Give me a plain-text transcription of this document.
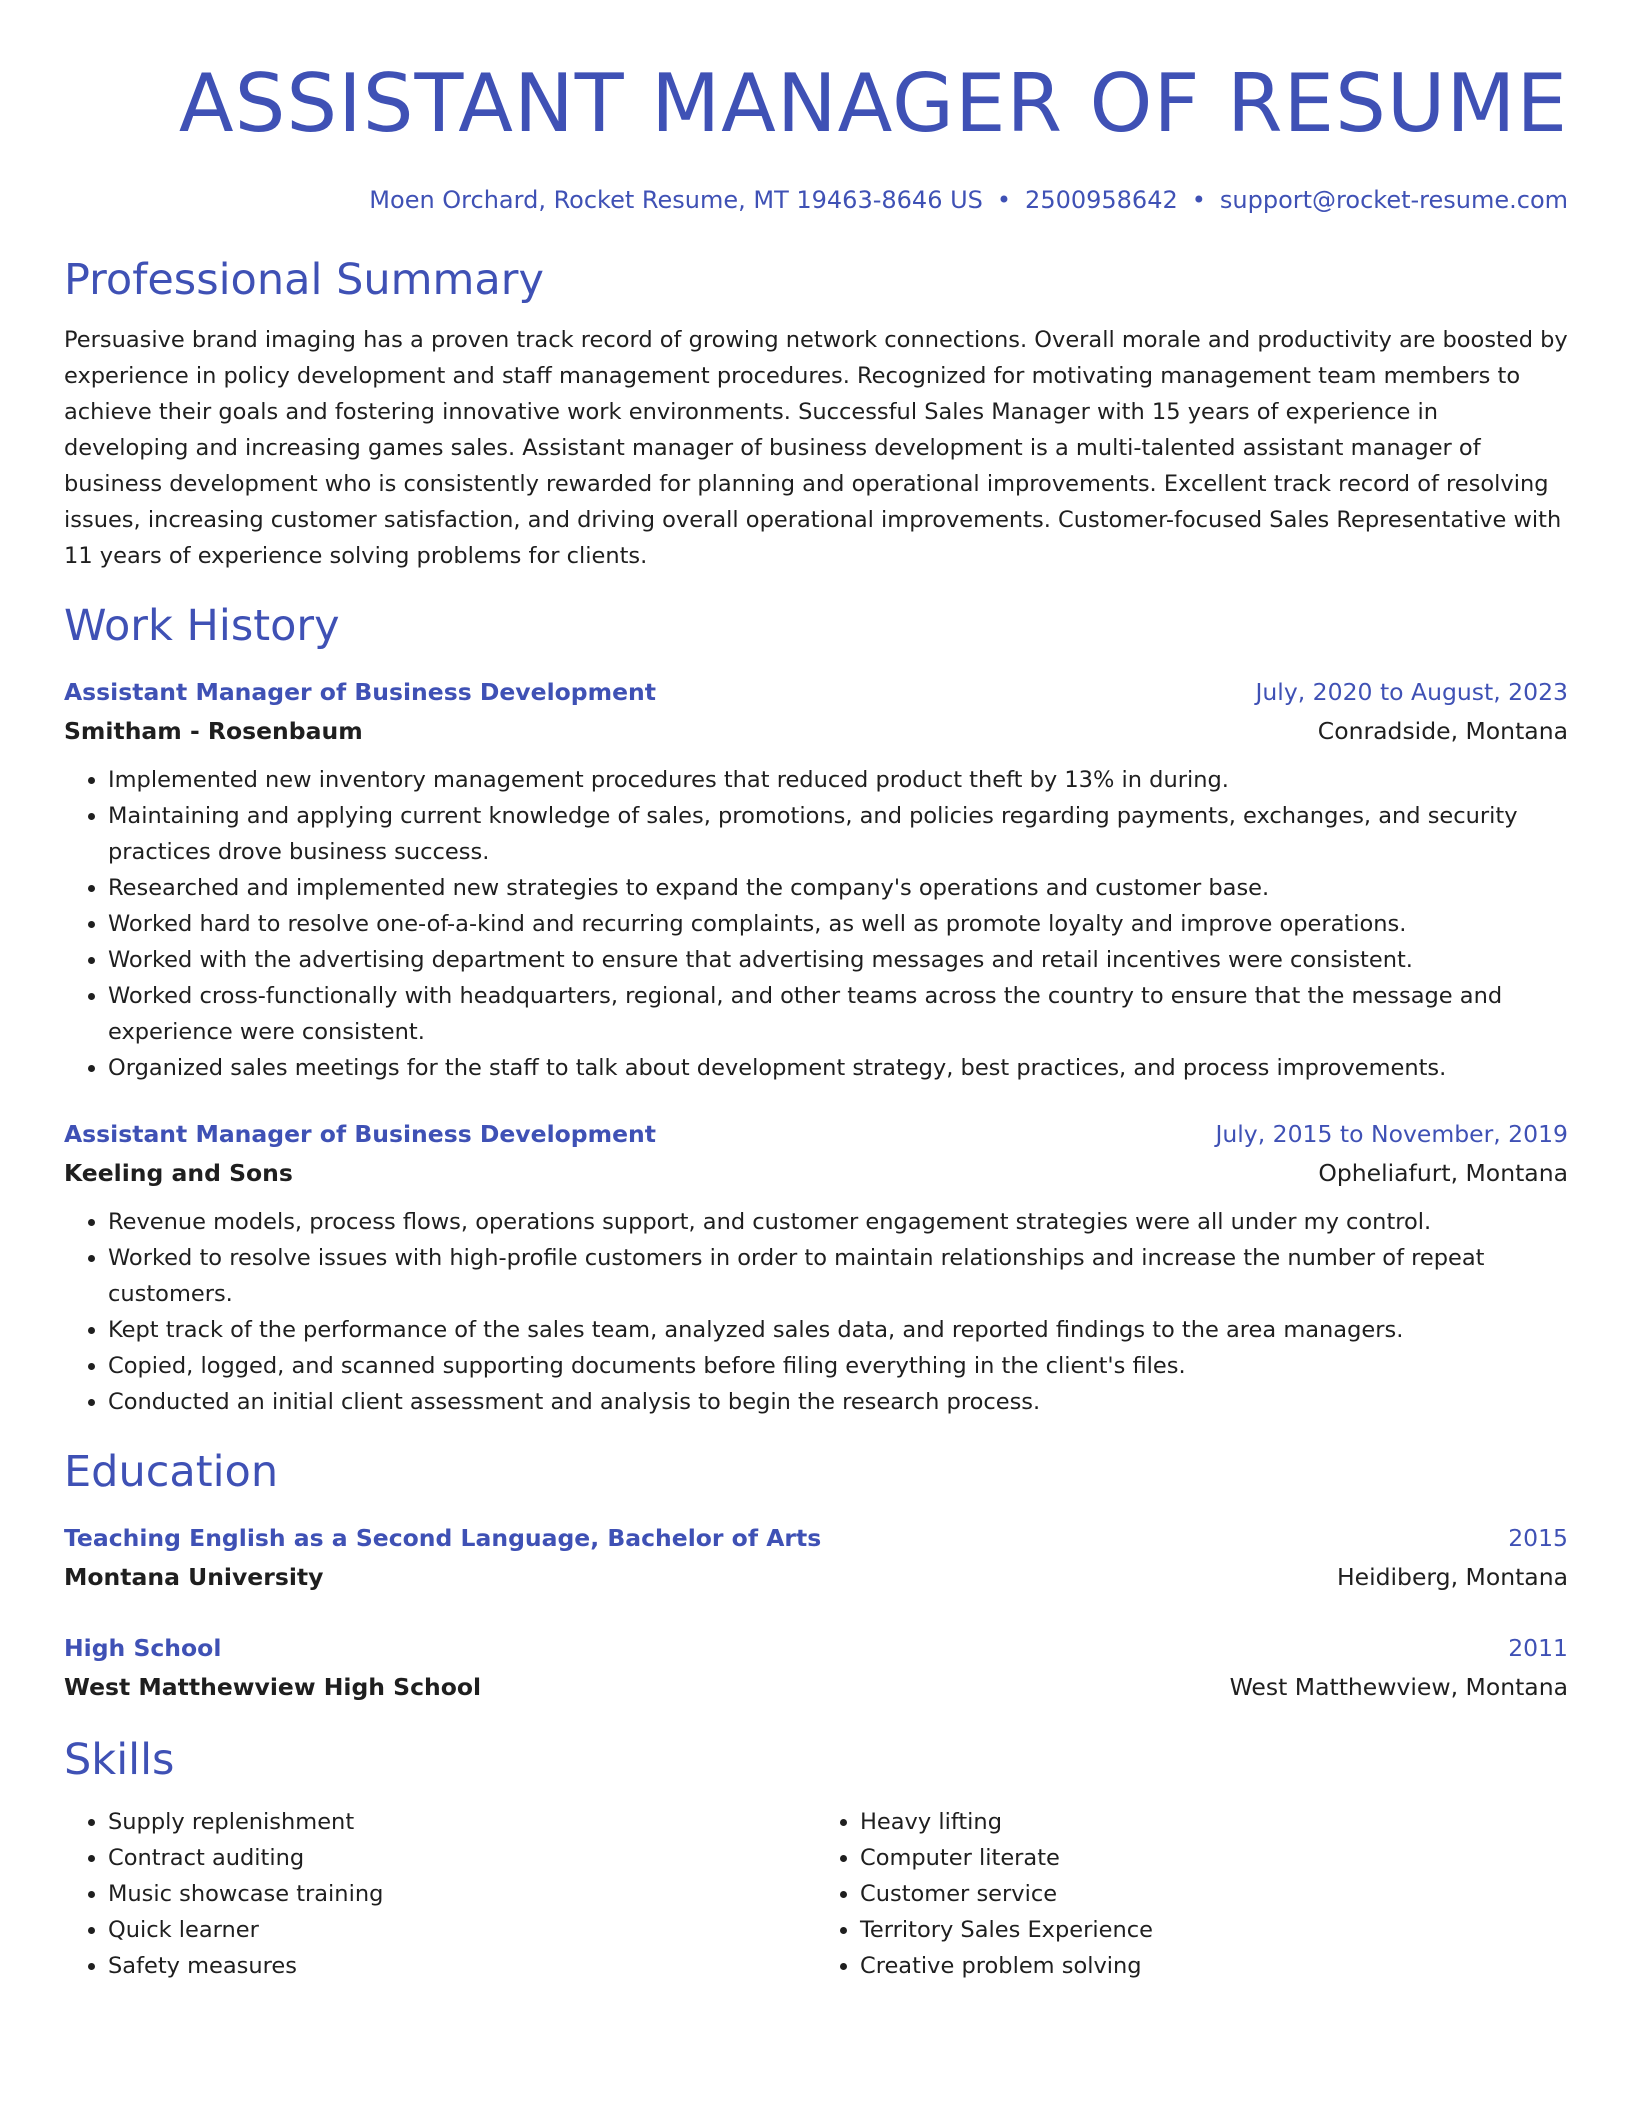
ASSISTANT MANAGER OF RESUME
Moen Orchard, Rocket Resume, MT 19463-8646 US • 2500958642 • support@rocket-resume.com
Professional Summary
Persuasive brand imaging has a proven track record of growing network connections. Overall morale and productivity are boosted by experience in policy development and staff management procedures. Recognized for motivating management team members to achieve their goals and fostering innovative work environments. Successful Sales Manager with 15 years of experience in developing and increasing games sales. Assistant manager of business development is a multi-talented assistant manager of business development who is consistently rewarded for planning and operational improvements. Excellent track record of resolving issues, increasing customer satisfaction, and driving overall operational improvements. Customer-focused Sales Representative with 11 years of experience solving problems for clients.
Work History
Assistant Manager of Business Development	July, 2020 to August, 2023
Smitham - Rosenbaum	Conradside, Montana
• Implemented new inventory management procedures that reduced product theft by 13% in during.
• Maintaining and applying current knowledge of sales, promotions, and policies regarding payments, exchanges, and security practices drove business success.
• Researched and implemented new strategies to expand the company's operations and customer base.
• Worked hard to resolve one-of-a-kind and recurring complaints, as well as promote loyalty and improve operations.
• Worked with the advertising department to ensure that advertising messages and retail incentives were consistent.
• Worked cross-functionally with headquarters, regional, and other teams across the country to ensure that the message and experience were consistent.
• Organized sales meetings for the staff to talk about development strategy, best practices, and process improvements.
Assistant Manager of Business Development	July, 2015 to November, 2019
Keeling and Sons	Opheliafurt, Montana
• Revenue models, process flows, operations support, and customer engagement strategies were all under my control.
• Worked to resolve issues with high-profile customers in order to maintain relationships and increase the number of repeat customers.
• Kept track of the performance of the sales team, analyzed sales data, and reported findings to the area managers.
• Copied, logged, and scanned supporting documents before filing everything in the client's files.
• Conducted an initial client assessment and analysis to begin the research process.
Education
Teaching English as a Second Language, Bachelor of Arts	2015
Montana University	Heidiberg, Montana
High School	2011
West Matthewview High School	West Matthewview, Montana
Skills
• Supply replenishment
• Contract auditing
• Music showcase training
• Quick learner
• Safety measures
• Heavy lifting
• Computer literate
• Customer service
• Territory Sales Experience
• Creative problem solving
